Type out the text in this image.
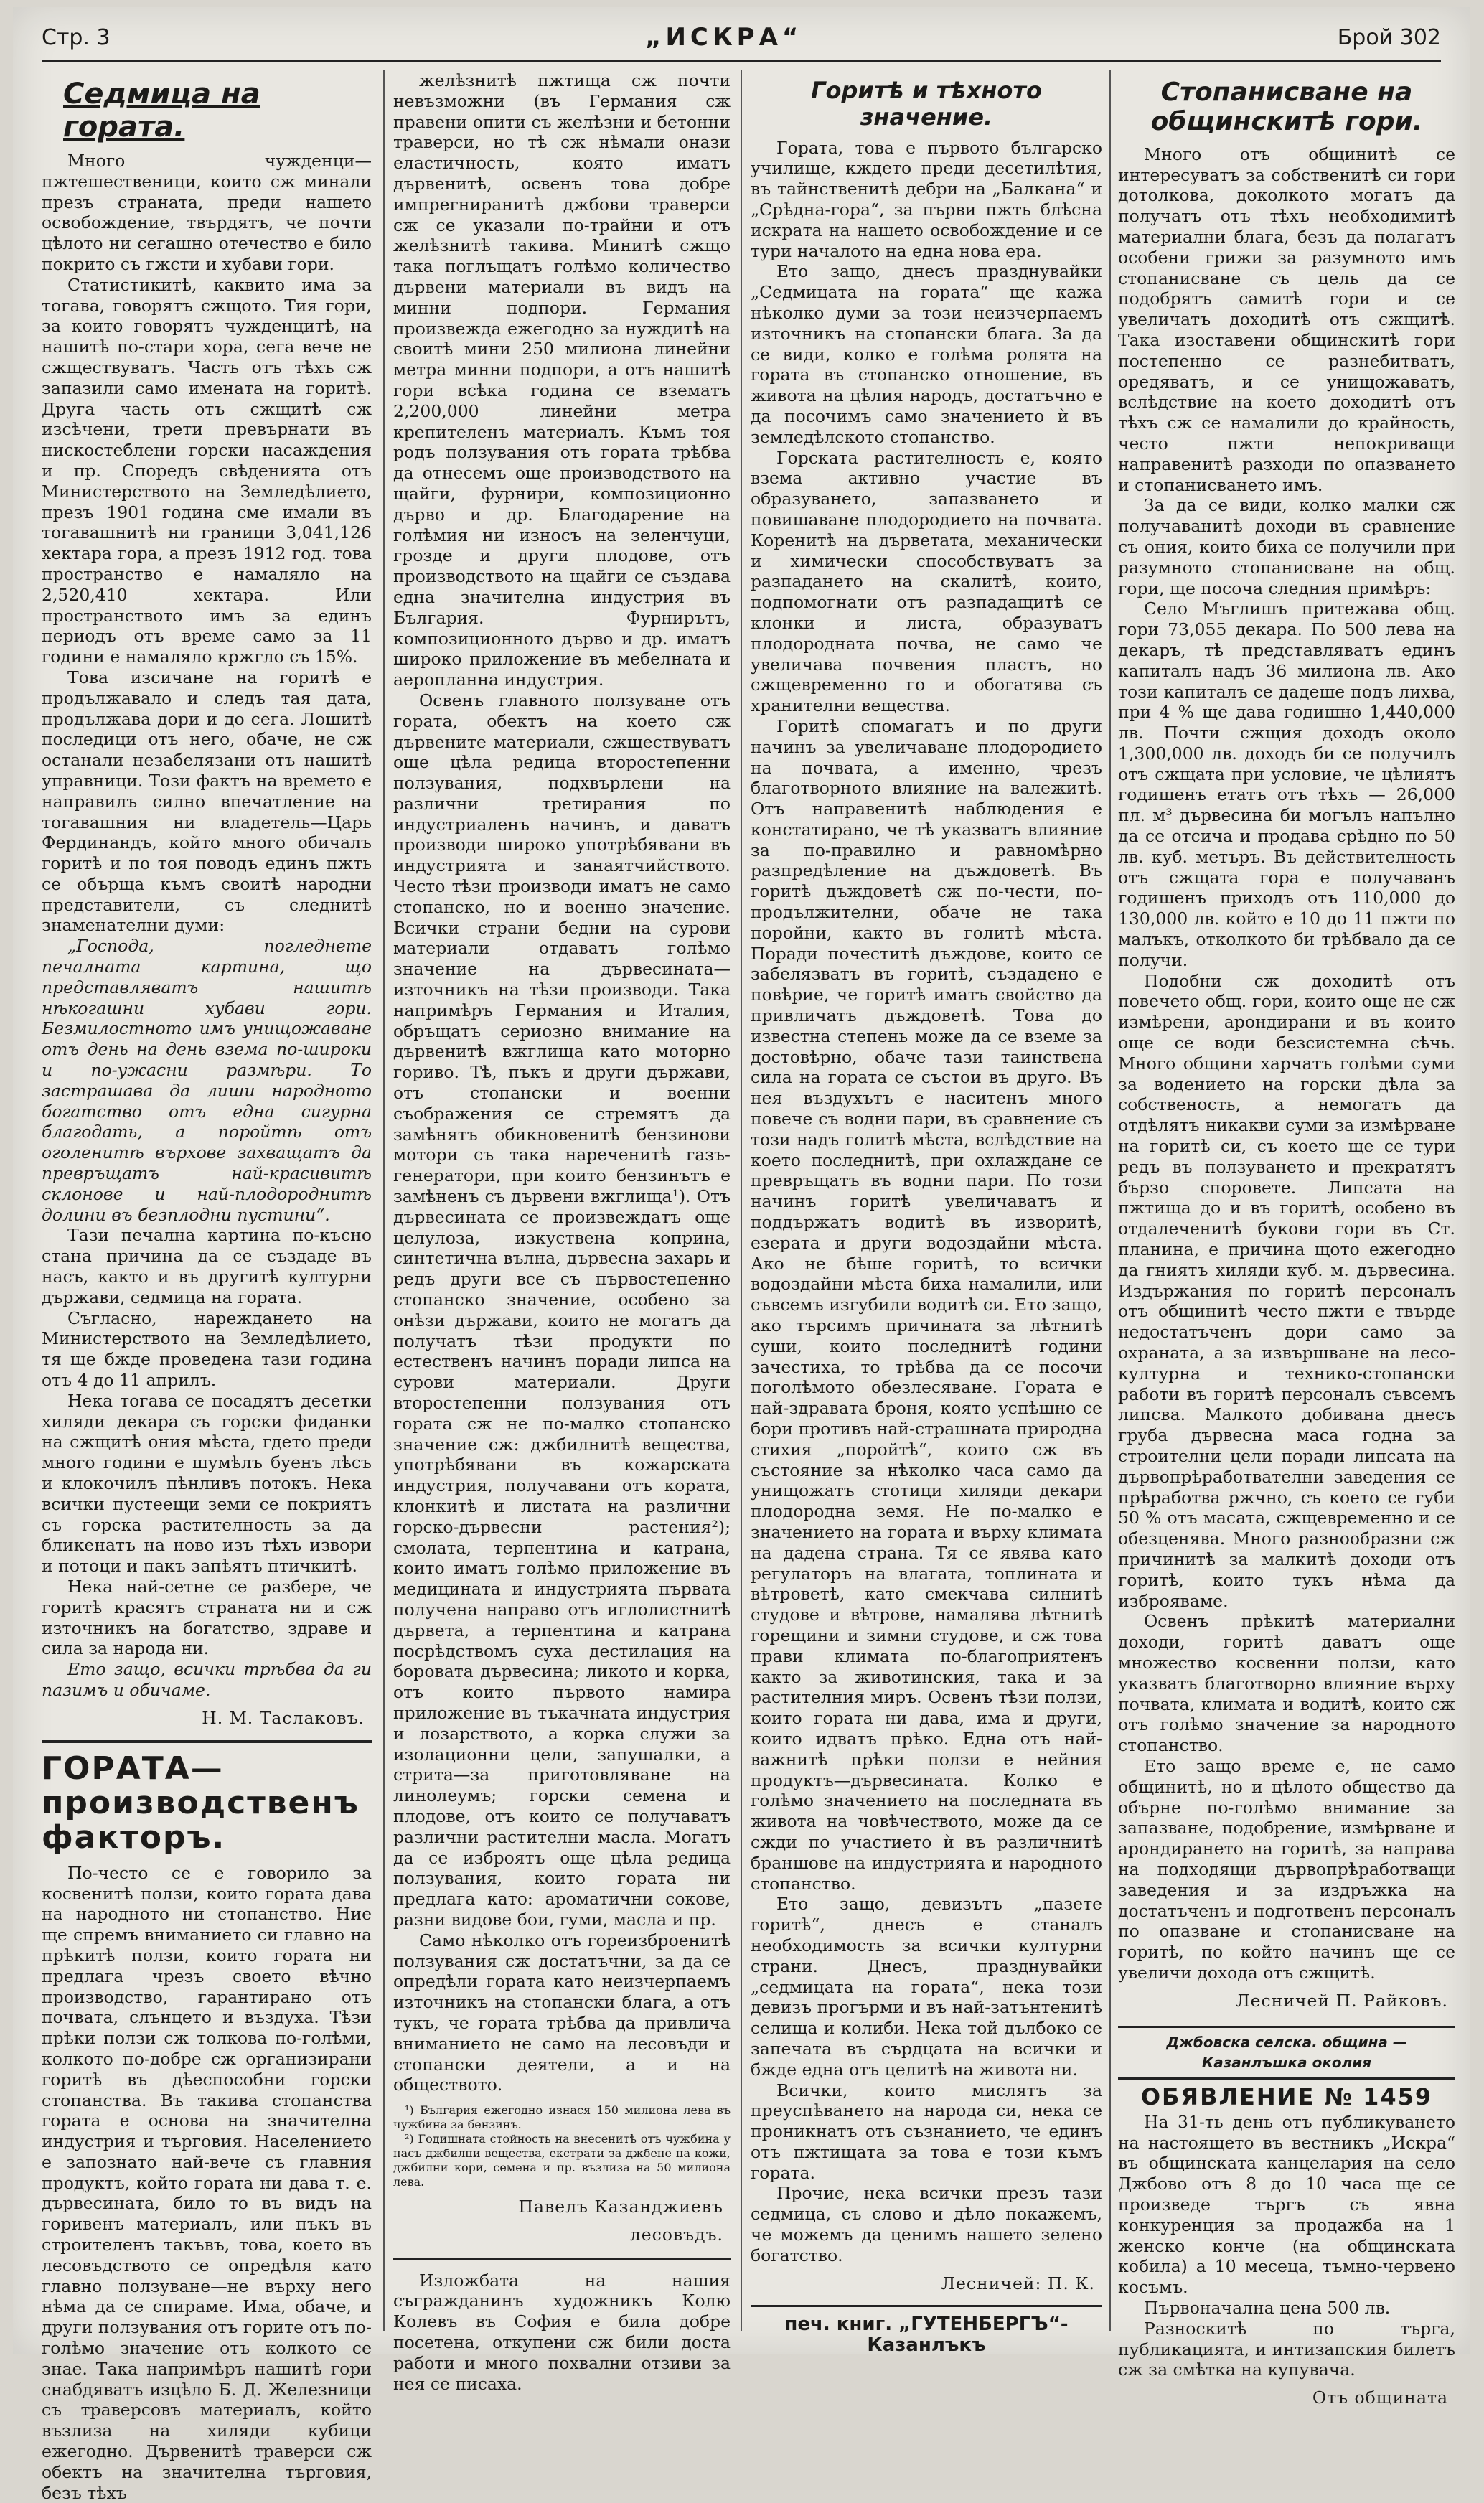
Стр. 3	„ИСКРА“	Брой 302
Седмица на гората.

Много чужденци—пжтешественици, които сж минали презъ страната, преди нашето освобождение, твърдятъ, че почти цѣлото ни сегашно отечество е било покрито съ гжсти и хубави гори.

Статистикитѣ, каквито има за тогава, говорятъ сжщото. Тия гори, за които говорятъ чужденцитѣ, на нашитѣ по-стари хора, сега вече не сжществуватъ. Часть отъ тѣхъ сж запазили само имената на горитѣ. Друга часть отъ сжщитѣ сж изсѣчени, трети превърнати въ нискостеблени горски насаждения и пр. Споредъ свѣденията отъ Министерството на Земледѣлието, презъ 1901 година сме имали въ тогавашнитѣ ни граници 3,041,126 хектара гора, а презъ 1912 год. това пространство е намаляло на 2,520,410 хектара. Или пространството имъ за единъ периодъ отъ време само за 11 години е намаляло кржгло съ 15%.

Това изсичане на горитѣ е продължавало и следъ тая дата, продължава дори и до сега. Лошитѣ последици отъ него, обаче, не сж останали незабелязани отъ нашитѣ управници. Този фактъ на времето е направилъ силно впечатление на тогавашния ни владетель—Царь Фердинандъ, който много обичалъ горитѣ и по тоя поводъ единъ пжть се обърща къмъ своитѣ народни представители, съ следнитѣ знаменателни думи:

„Господа, погледнете печалната картина, що представляватъ нашитѣ нѣкогашни хубави гори. Безмилостното имъ унищожаване отъ день на день взема по-широки и по-ужасни размѣри. То застрашава да лиши народното богатство отъ една сигурна благодать, а поройтѣ отъ оголенитѣ върхове захващатъ да превръщатъ най-красивитѣ склонове и най-плодороднитѣ долини въ безплодни пустини“.

Тази печална картина по-късно стана причина да се създаде въ насъ, както и въ другитѣ културни държави, седмица на гората.

Съгласно, нареждането на Министерството на Земледѣлието, тя ще бжде проведена тази година отъ 4 до 11 априлъ.

Нека тогава се посадятъ десетки хиляди декара съ горски фиданки на сжщитѣ ония мѣста, гдето преди много години е шумѣлъ буенъ лѣсъ и клокочилъ пѣнливъ потокъ. Нека всички пустеещи земи се покриятъ съ горска растителность за да бликенатъ на ново изъ тѣхъ извори и потоци и пакъ запѣятъ птичкитѣ.

Нека най-сетне се разбере, че горитѣ красятъ страната ни и сж източникъ на богатство, здраве и сила за народа ни.

Ето защо, всички трѣбва да ги пазимъ и обичаме.

Н. М. Таслаковъ.

ГОРАТА—производственъ факторъ.

По-често се е говорило за косвенитѣ ползи, които гората дава на народното ни стопанство. Ние ще спремъ вниманието си главно на прѣкитѣ ползи, които гората ни предлага чрезъ своето вѣчно производство, гарантирано отъ почвата, слънцето и въздуха. Тѣзи прѣки ползи сж толкова по-голѣми, колкото по-добре сж организирани горитѣ въ дѣеспособни горски стопанства. Въ такива стопанства гората е основа на значителна индустрия и търговия. Населението е запознато най-вече съ главния продуктъ, който гората ни дава т. е. дървесината, било то въ видъ на горивенъ материалъ, или пъкъ въ строителенъ такъвъ, това, което въ лесовъдството се опредѣля като главно ползуване—не върху него нѣма да се спираме. Има, обаче, и други ползувания отъ горите отъ по-голѣмо значение отъ колкото се знае. Така напримѣръ нашитѣ гори снабдяватъ изцѣло Б. Д. Железници съ траверсовъ материалъ, който възлиза на хиляди кубици ежегодно. Дървенитѣ траверси сж обектъ на значителна търговия, безъ тѣхъ

желѣзнитѣ пжтища сж почти невъзможни (въ Германия сж правени опити съ желѣзни и бетонни траверси, но тѣ сж нѣмали онази еластичность, която иматъ дървенитѣ, освенъ това добре импрегниранитѣ джбови траверси сж се указали по-трайни и отъ желѣзнитѣ такива. Минитѣ сжщо така поглъщатъ голѣмо количество дървени материали въ видъ на минни подпори. Германия произвежда ежегодно за нуждитѣ на своитѣ мини 250 милиона линейни метра минни подпори, а отъ нашитѣ гори всѣка година се взематъ 2,200,000 линейни метра крепителенъ материалъ. Къмъ тоя родъ ползувания отъ гората трѣбва да отнесемъ още производството на щайги, фурнири, композиционно дърво и др. Благодарение на голѣмия ни износъ на зеленчуци, грозде и други плодове, отъ производството на щайги се създава една значителна индустрия въ България. Фурнирътъ, композиционното дърво и др. иматъ широко приложение въ мебелната и аеропланна индустрия.

Освенъ главното ползуване отъ гората, обектъ на което сж дървените материали, сжществуватъ още цѣла редица второстепенни ползувания, подхвърлени на различни третирания по индустриаленъ начинъ, и даватъ производи широко употрѣбявани въ индустрията и занаятчийството. Често тѣзи производи иматъ не само стопанско, но и военно значение. Всички страни бедни на сурови материали отдаватъ голѣмо значение на дървесината—източникъ на тѣзи производи. Така напримѣръ Германия и Италия, обръщатъ сериозно внимание на дървенитѣ вжглища като моторно гориво. Тѣ, пъкъ и други държави, отъ стопански и военни съображения се стремятъ да замѣнятъ обикновенитѣ бензинови мотори съ така нареченитѣ газъ-генератори, при които бензинътъ е замѣненъ съ дървени вжглища¹). Отъ дървесината се произвеждатъ още целулоза, изкуствена коприна, синтетична вълна, дървесна захарь и редъ други все съ първостепенно стопанско значение, особено за онѣзи държави, които не могатъ да получатъ тѣзи продукти по естественъ начинъ поради липса на сурови материали. Други второстепенни ползувания отъ гората сж не по-малко стопанско значение сж: джбилнитѣ вещества, употрѣбявани въ кожарската индустрия, получавани отъ кората, клонкитѣ и листата на различни горско-дървесни растения²); смолата, терпентина и катрана, които иматъ голѣмо приложение въ медицината и индустрията първата получена направо отъ иглолистнитѣ дървета, а терпентина и катрана посрѣдствомъ суха дестилация на боровата дървесина; ликото и корка, отъ които първото намира приложение въ тъкачната индустрия и лозарството, а корка служи за изолационни цели, запушалки, а стрита—за приготовляване на линолеумъ; горски семена и плодове, отъ които се получаватъ различни растителни масла. Могатъ да се изброятъ още цѣла редица ползувания, които гората ни предлага като: ароматични сокове, разни видове бои, гуми, масла и пр.

Само нѣколко отъ гореизброенитѣ ползувания сж достатъчни, за да се опредѣли гората като неизчерпаемъ източникъ на стопански блага, а отъ тукъ, че гората трѣбва да привлича вниманието не само на лесовъди и стопански деятели, а и на обществото.

¹) България ежегодно изнася 150 милиона лева въ чужбина за бензинъ.

²) Годишната стойность на внесенитѣ отъ чужбина у насъ джбилни вещества, екстрати за джбене на кожи, джбилни кори, семена и пр. възлиза на 50 милиона лева.

Павелъ Казанджиевъ

лесовъдъ.

Изложбата на нашия съгражданинъ художникъ Колю Колевъ въ София е била добре посетена, откупени сж били доста работи и много похвални отзиви за нея се писаха.

Горитѣ и тѣхното значение.

Гората, това е първото българско училище, кждето преди десетилѣтия, въ тайнственитѣ дебри на „Балкана“ и „Срѣдна-гора“, за първи пжть блѣсна искрата на нашето освобождение и се тури началото на една нова ера.

Ето защо, днесъ празднувайки „Седмицата на гората“ ще кажа нѣколко думи за този неизчерпаемъ източникъ на стопански блага. За да се види, колко е голѣма ролята на гората въ стопанско отношение, въ живота на цѣлия народъ, достатъчно е да посочимъ само значението ѝ въ земледѣлското стопанство.

Горската растителность е, която взема активно участие въ образуването, запазването и повишаване плодородието на почвата. Коренитѣ на дърветата, механически и химически способствуватъ за разпадането на скалитѣ, които, подпомогнати отъ разпадащитѣ се клонки и листа, образуватъ плодородната почва, не само че увеличава почвения пластъ, но сжщевременно го и обогатява съ хранителни вещества.

Горитѣ спомагатъ и по други начинъ за увеличаване плодородието на почвата, а именно, чрезъ благотворното влияние на валежитѣ. Отъ направенитѣ наблюдения е констатирано, че тѣ указватъ влияние за по-правилно и равномѣрно разпредѣление на дъждоветѣ. Въ горитѣ дъждоветѣ сж по-чести, по-продължителни, обаче не така поройни, както въ голитѣ мѣста. Поради почеститѣ дъждове, които се забелязватъ въ горитѣ, създадено е повѣрие, че горитѣ иматъ свойство да привличатъ дъждоветѣ. Това до известна степень може да се вземе за достовѣрно, обаче тази таинствена сила на гората се състои въ друго. Въ нея въздухътъ е наситенъ много повече съ водни пари, въ сравнение съ този надъ голитѣ мѣста, вслѣдствие на което последнитѣ, при охлаждане се превръщатъ въ водни пари. По този начинъ горитѣ увеличаватъ и поддържатъ водитѣ въ изворитѣ, езерата и други водоздайни мѣста. Ако не бѣше горитѣ, то всички водоздайни мѣста биха намалили, или съвсемъ изгубили водитѣ си. Ето защо, ако търсимъ причината за лѣтнитѣ суши, които последнитѣ години зачестиха, то трѣбва да се посочи поголѣмото обезлесяване. Гората е най-здравата броня, която успѣшно се бори противъ най-страшната природна стихия „поройтѣ“, които сж въ състояние за нѣколко часа само да унищожатъ стотици хиляди декари плодородна земя. Не по-малко е значението на гората и върху климата на дадена страна. Тя се явява като регулаторъ на влагата, топлината и вѣтроветѣ, като смекчава силнитѣ студове и вѣтрове, намалява лѣтнитѣ горещини и зимни студове, и сж това прави климата по-благоприятенъ както за животинския, така и за растителния миръ. Освенъ тѣзи ползи, които гората ни дава, има и други, които идватъ прѣко. Една отъ най-важнитѣ прѣки ползи е нейния продуктъ—дървесината. Колко е голѣмо значението на последната въ живота на човѣчеството, може да се сжди по участието ѝ въ различнитѣ браншове на индустрията и народното стопанство.

Ето защо, девизътъ „пазете горитѣ“, днесъ е станалъ необходимость за всички културни страни. Днесъ, празднувайки „седмицата на гората“, нека този девизъ прогърми и въ най-затънтенитѣ селища и колиби. Нека той дълбоко се запечата въ сърдцата на всички и бжде една отъ целитѣ на живота ни.

Всички, които мислятъ за преуспѣването на народа си, нека се проникнатъ отъ съзнанието, че единъ отъ пжтищата за това е този къмъ гората.

Прочие, нека всички презъ тази седмица, съ слово и дѣло покажемъ, че можемъ да ценимъ нашето зелено богатство.

Лесничей: П. К.

печ. книг. „ГУТЕНБЕРГЪ“-Казанлъкъ

Стопанисване на общинскитѣ гори.

Много отъ общинитѣ се интересуватъ за собственитѣ си гори дотолкова, доколкото могатъ да получатъ отъ тѣхъ необходимитѣ материални блага, безъ да полагатъ особени грижи за разумното имъ стопанисване съ цель да се подобрятъ самитѣ гори и се увеличатъ доходитѣ отъ сжщитѣ. Така изоставени общинскитѣ гори постепенно се разнебитватъ, оредяватъ, и се унищожаватъ, вслѣдствие на което доходитѣ отъ тѣхъ сж се намалили до крайность, често пжти непокриващи направенитѣ разходи по опазването и стопанисването имъ.

За да се види, колко малки сж получаванитѣ доходи въ сравнение съ ония, които биха се получили при разумното стопанисване на общ. гори, ще посоча следния примѣръ:

Село Мъглишъ притежава общ. гори 73,055 декара. По 500 лева на декаръ, тѣ представляватъ единъ капиталъ надъ 36 милиона лв. Ако този капиталъ се дадеше подъ лихва, при 4 % ще дава годишно 1,440,000 лв. Почти сжщия доходъ около 1,300,000 лв. доходъ би се получилъ отъ сжщата при условие, че цѣлиятъ годишенъ етатъ отъ тѣхъ — 26,000 пл. м³ дървесина би могълъ напълно да се отсича и продава срѣдно по 50 лв. куб. метъръ. Въ действителность отъ сжщата гора е получаванъ годишенъ приходъ отъ 110,000 до 130,000 лв. който е 10 до 11 пжти по малъкъ, отколкото би трѣбвало да се получи.

Подобни сж доходитѣ отъ повечето общ. гори, които още не сж измѣрени, арондирани и въ които още се води безсистемна сѣчь. Много общини харчатъ голѣми суми за водението на горски дѣла за собственость, а немогатъ да отдѣлятъ никакви суми за измѣрване на горитѣ си, съ което ще се тури редъ въ ползуването и прекратятъ бързо споровете. Липсата на пжтища до и въ горитѣ, особено въ отдалеченитѣ букови гори въ Ст. планина, е причина щото ежегодно да гниятъ хиляди куб. м. дървесина. Издържания по горитѣ персоналъ отъ общинитѣ често пжти е твърде недостатъченъ дори само за охраната, а за извършване на лесо-културна и технико-стопански работи въ горитѣ персоналъ съвсемъ липсва. Малкото добивана днесъ груба дървесна маса годна за строителни цели поради липсата на дървопрѣработвателни заведения се прѣработва ржчно, съ което се губи 50 % отъ масата, сжщевременно и се обезценява. Много разнообразни сж причинитѣ за малкитѣ доходи отъ горитѣ, които тукъ нѣма да изброяваме.

Освенъ прѣкитѣ материални доходи, горитѣ даватъ още множество косвенни ползи, като указватъ благотворно влияние върху почвата, климата и водитѣ, които сж отъ голѣмо значение за народното стопанство.

Ето защо време е, не само общинитѣ, но и цѣлото общество да обърне по-голѣмо внимание за запазване, подобрение, измѣрване и арондирането на горитѣ, за направа на подходящи дървопрѣработващи заведения и за издръжка на достатъченъ и подготвенъ персоналъ по опазване и стопанисване на горитѣ, по който начинъ ще се увеличи дохода отъ сжщитѣ.

Лесничей П. Райковъ.

Джбовска селска. община — Казанлъшка околия

ОБЯВЛЕНИЕ № 1459

На 31-ть день отъ публикуването на настоящето въ вестникъ „Искра“ въ общинската канцелария на село Джбово отъ 8 до 10 часа ще се произведе търгъ съ явна конкуренция за продажба на 1 женско конче (на общинската кобила) а 10 месеца, тъмно-червено косъмъ.

Първоначална цена 500 лв.

Разноскитѣ по търга, публикацията, и интизапския билетъ сж за смѣтка на купувача.

Отъ общината
